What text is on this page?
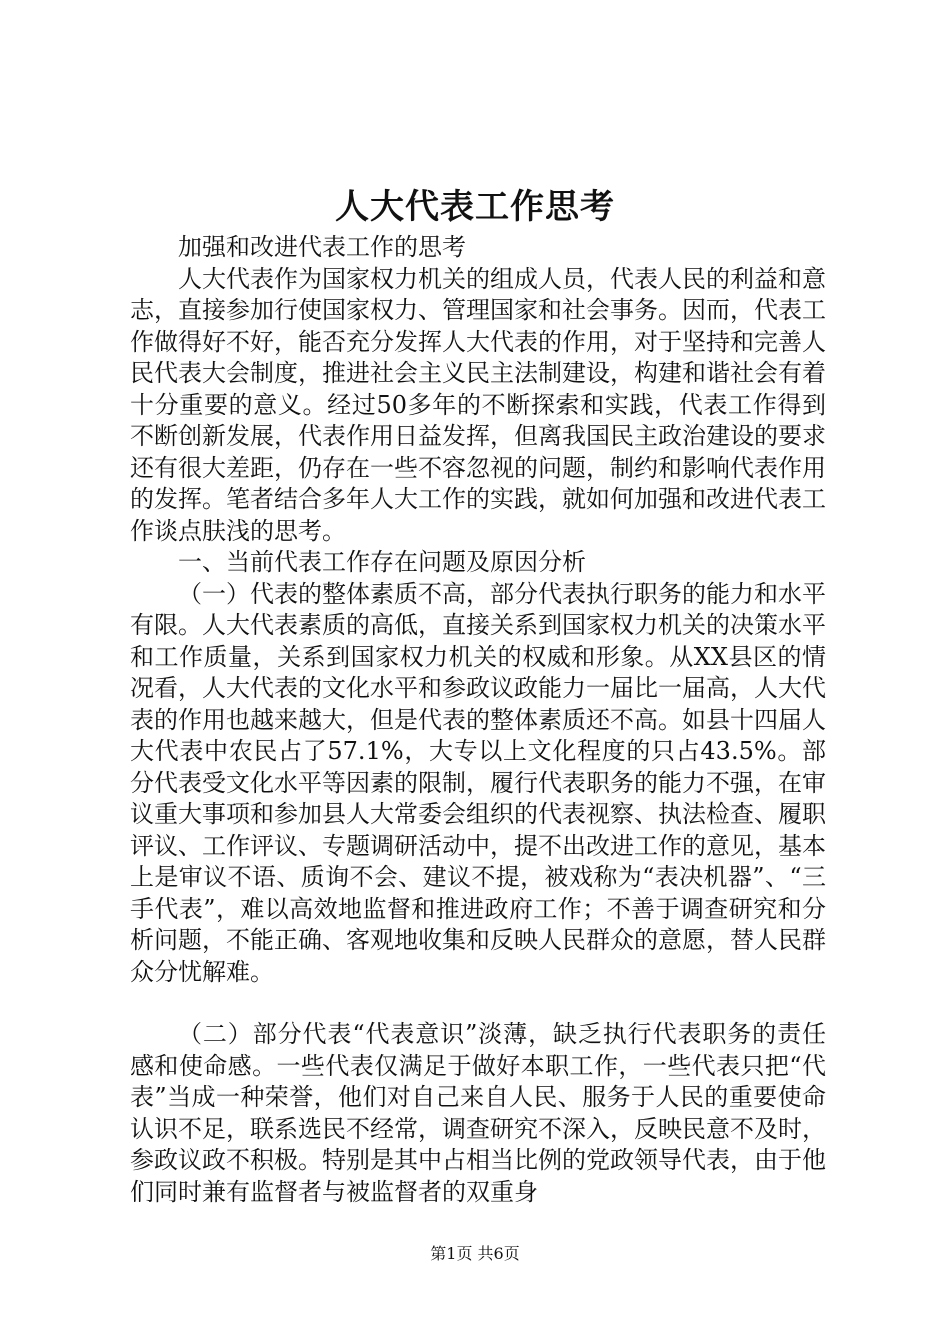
人大代表工作思考

加强和改进代表工作的思考

人大代表作为国家权力机关的组成人员，代表人民的利益和意志，直接参加行使国家权力、管理国家和社会事务。因而，代表工作做得好不好，能否充分发挥人大代表的作用，对于坚持和完善人民代表大会制度，推进社会主义民主法制建设，构建和谐社会有着十分重要的意义。经过50多年的不断探索和实践，代表工作得到不断创新发展，代表作用日益发挥，但离我国民主政治建设的要求还有很大差距，仍存在一些不容忽视的问题，制约和影响代表作用的发挥。笔者结合多年人大工作的实践，就如何加强和改进代表工作谈点肤浅的思考。

一、当前代表工作存在问题及原因分析

（一）代表的整体素质不高，部分代表执行职务的能力和水平有限。人大代表素质的高低，直接关系到国家权力机关的决策水平和工作质量，关系到国家权力机关的权威和形象。从XX县区的情况看，人大代表的文化水平和参政议政能力一届比一届高，人大代表的作用也越来越大，但是代表的整体素质还不高。如县十四届人大代表中农民占了57.1%，大专以上文化程度的只占43.5%。部分代表受文化水平等因素的限制，履行代表职务的能力不强，在审议重大事项和参加县人大常委会组织的代表视察、执法检查、履职评议、工作评议、专题调研活动中，提不出改进工作的意见，基本上是审议不语、质询不会、建议不提，被戏称为“表决机器”、“三手代表”，难以高效地监督和推进政府工作；不善于调查研究和分析问题，不能正确、客观地收集和反映人民群众的意愿，替人民群众分忧解难。

（二）部分代表“代表意识”淡薄，缺乏执行代表职务的责任感和使命感。一些代表仅满足于做好本职工作，一些代表只把“代表”当成一种荣誉，他们对自己来自人民、服务于人民的重要使命认识不足，联系选民不经常，调查研究不深入，反映民意不及时，参政议政不积极。特别是其中占相当比例的党政领导代表，由于他们同时兼有监督者与被监督者的双重身

第1页 共6页
